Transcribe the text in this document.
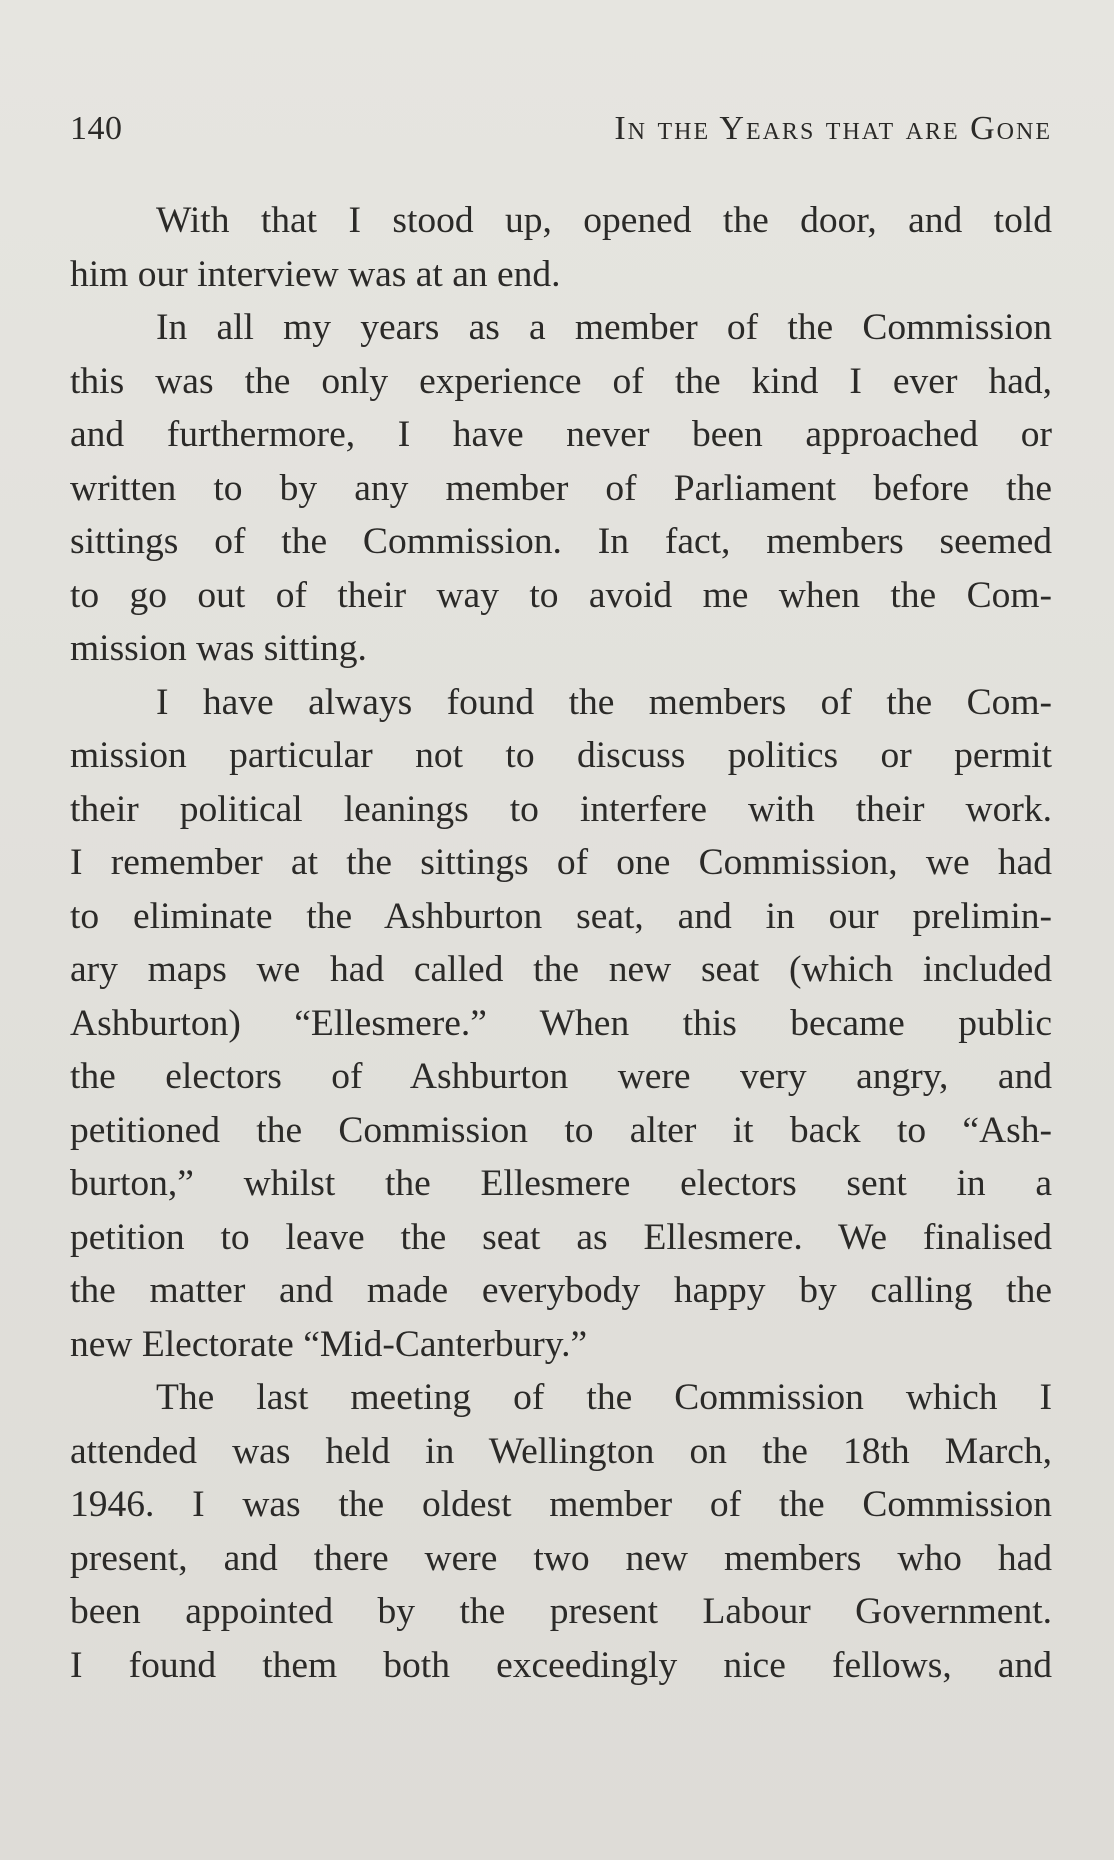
140	In the Years that are Gone
With that I stood up, opened the door, and told
him our interview was at an end.
In all my years as a member of the Commission
this was the only experience of the kind I ever had,
and furthermore, I have never been approached or
written to by any member of Parliament before the
sittings of the Commission. In fact, members seemed
to go out of their way to avoid me when the Com-
mission was sitting.
I have always found the members of the Com-
mission particular not to discuss politics or permit
their political leanings to interfere with their work.
I remember at the sittings of one Commission, we had
to eliminate the Ashburton seat, and in our prelimin-
ary maps we had called the new seat (which included
Ashburton) “Ellesmere.” When this became public
the electors of Ashburton were very angry, and
petitioned the Commission to alter it back to “Ash-
burton,” whilst the Ellesmere electors sent in a
petition to leave the seat as Ellesmere. We finalised
the matter and made everybody happy by calling the
new Electorate “Mid-Canterbury.”
The last meeting of the Commission which I
attended was held in Wellington on the 18th March,
1946. I was the oldest member of the Commission
present, and there were two new members who had
been appointed by the present Labour Government.
I found them both exceedingly nice fellows, and
